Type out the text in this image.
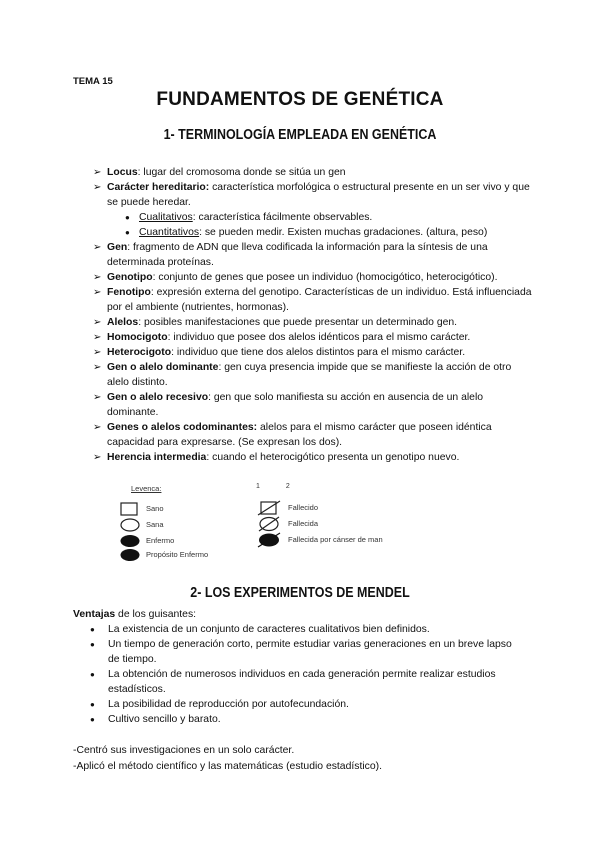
TEMA 15
FUNDAMENTOS DE GENÉTICA
1- TERMINOLOGÍA EMPLEADA EN GENÉTICA
➢ Locus: lugar del cromosoma donde se sitúa un gen
➢ Carácter hereditario: característica morfológica o estructural presente en un ser vivo y que se puede heredar.
● Cualitativos: característica fácilmente observables.
● Cuantitativos: se pueden medir. Existen muchas gradaciones. (altura, peso)
➢ Gen: fragmento de ADN que lleva codificada la información para la síntesis de una determinada proteínas.
➢ Genotipo: conjunto de genes que posee un individuo (homocigótico, heterocigótico).
➢ Fenotipo: expresión externa del genotipo. Características de un individuo. Está influenciada por el ambiente (nutrientes, hormonas).
➢ Alelos: posibles manifestaciones que puede presentar un determinado gen.
➢ Homocigoto: individuo que posee dos alelos idénticos para el mismo carácter.
➢ Heterocigoto: individuo que tiene dos alelos distintos para el mismo carácter.
➢ Gen o alelo dominante: gen cuya presencia impide que se manifieste la acción de otro alelo distinto.
➢ Gen o alelo recesivo: gen que solo manifiesta su acción en ausencia de un alelo dominante.
➢ Genes o alelos codominantes: alelos para el mismo carácter que poseen idéntica capacidad para expresarse. (Se expresan los dos).
➢ Herencia intermedia: cuando el heterocigótico presenta un genotipo nuevo.
Levenca:	1 2
Sano
Sana
Enfermo
Propósito Enfermo
Fallecido
Fallecida
Fallecida por cánser de man
2- LOS EXPERIMENTOS DE MENDEL
Ventajas de los guisantes:
● La existencia de un conjunto de caracteres cualitativos bien definidos.
● Un tiempo de generación corto, permite estudiar varias generaciones en un breve lapso de tiempo.
● La obtención de numerosos individuos en cada generación permite realizar estudios estadísticos.
● La posibilidad de reproducción por autofecundación.
● Cultivo sencillo y barato.
-Centró sus investigaciones en un solo carácter.
-Aplicó el método científico y las matemáticas (estudio estadístico).
